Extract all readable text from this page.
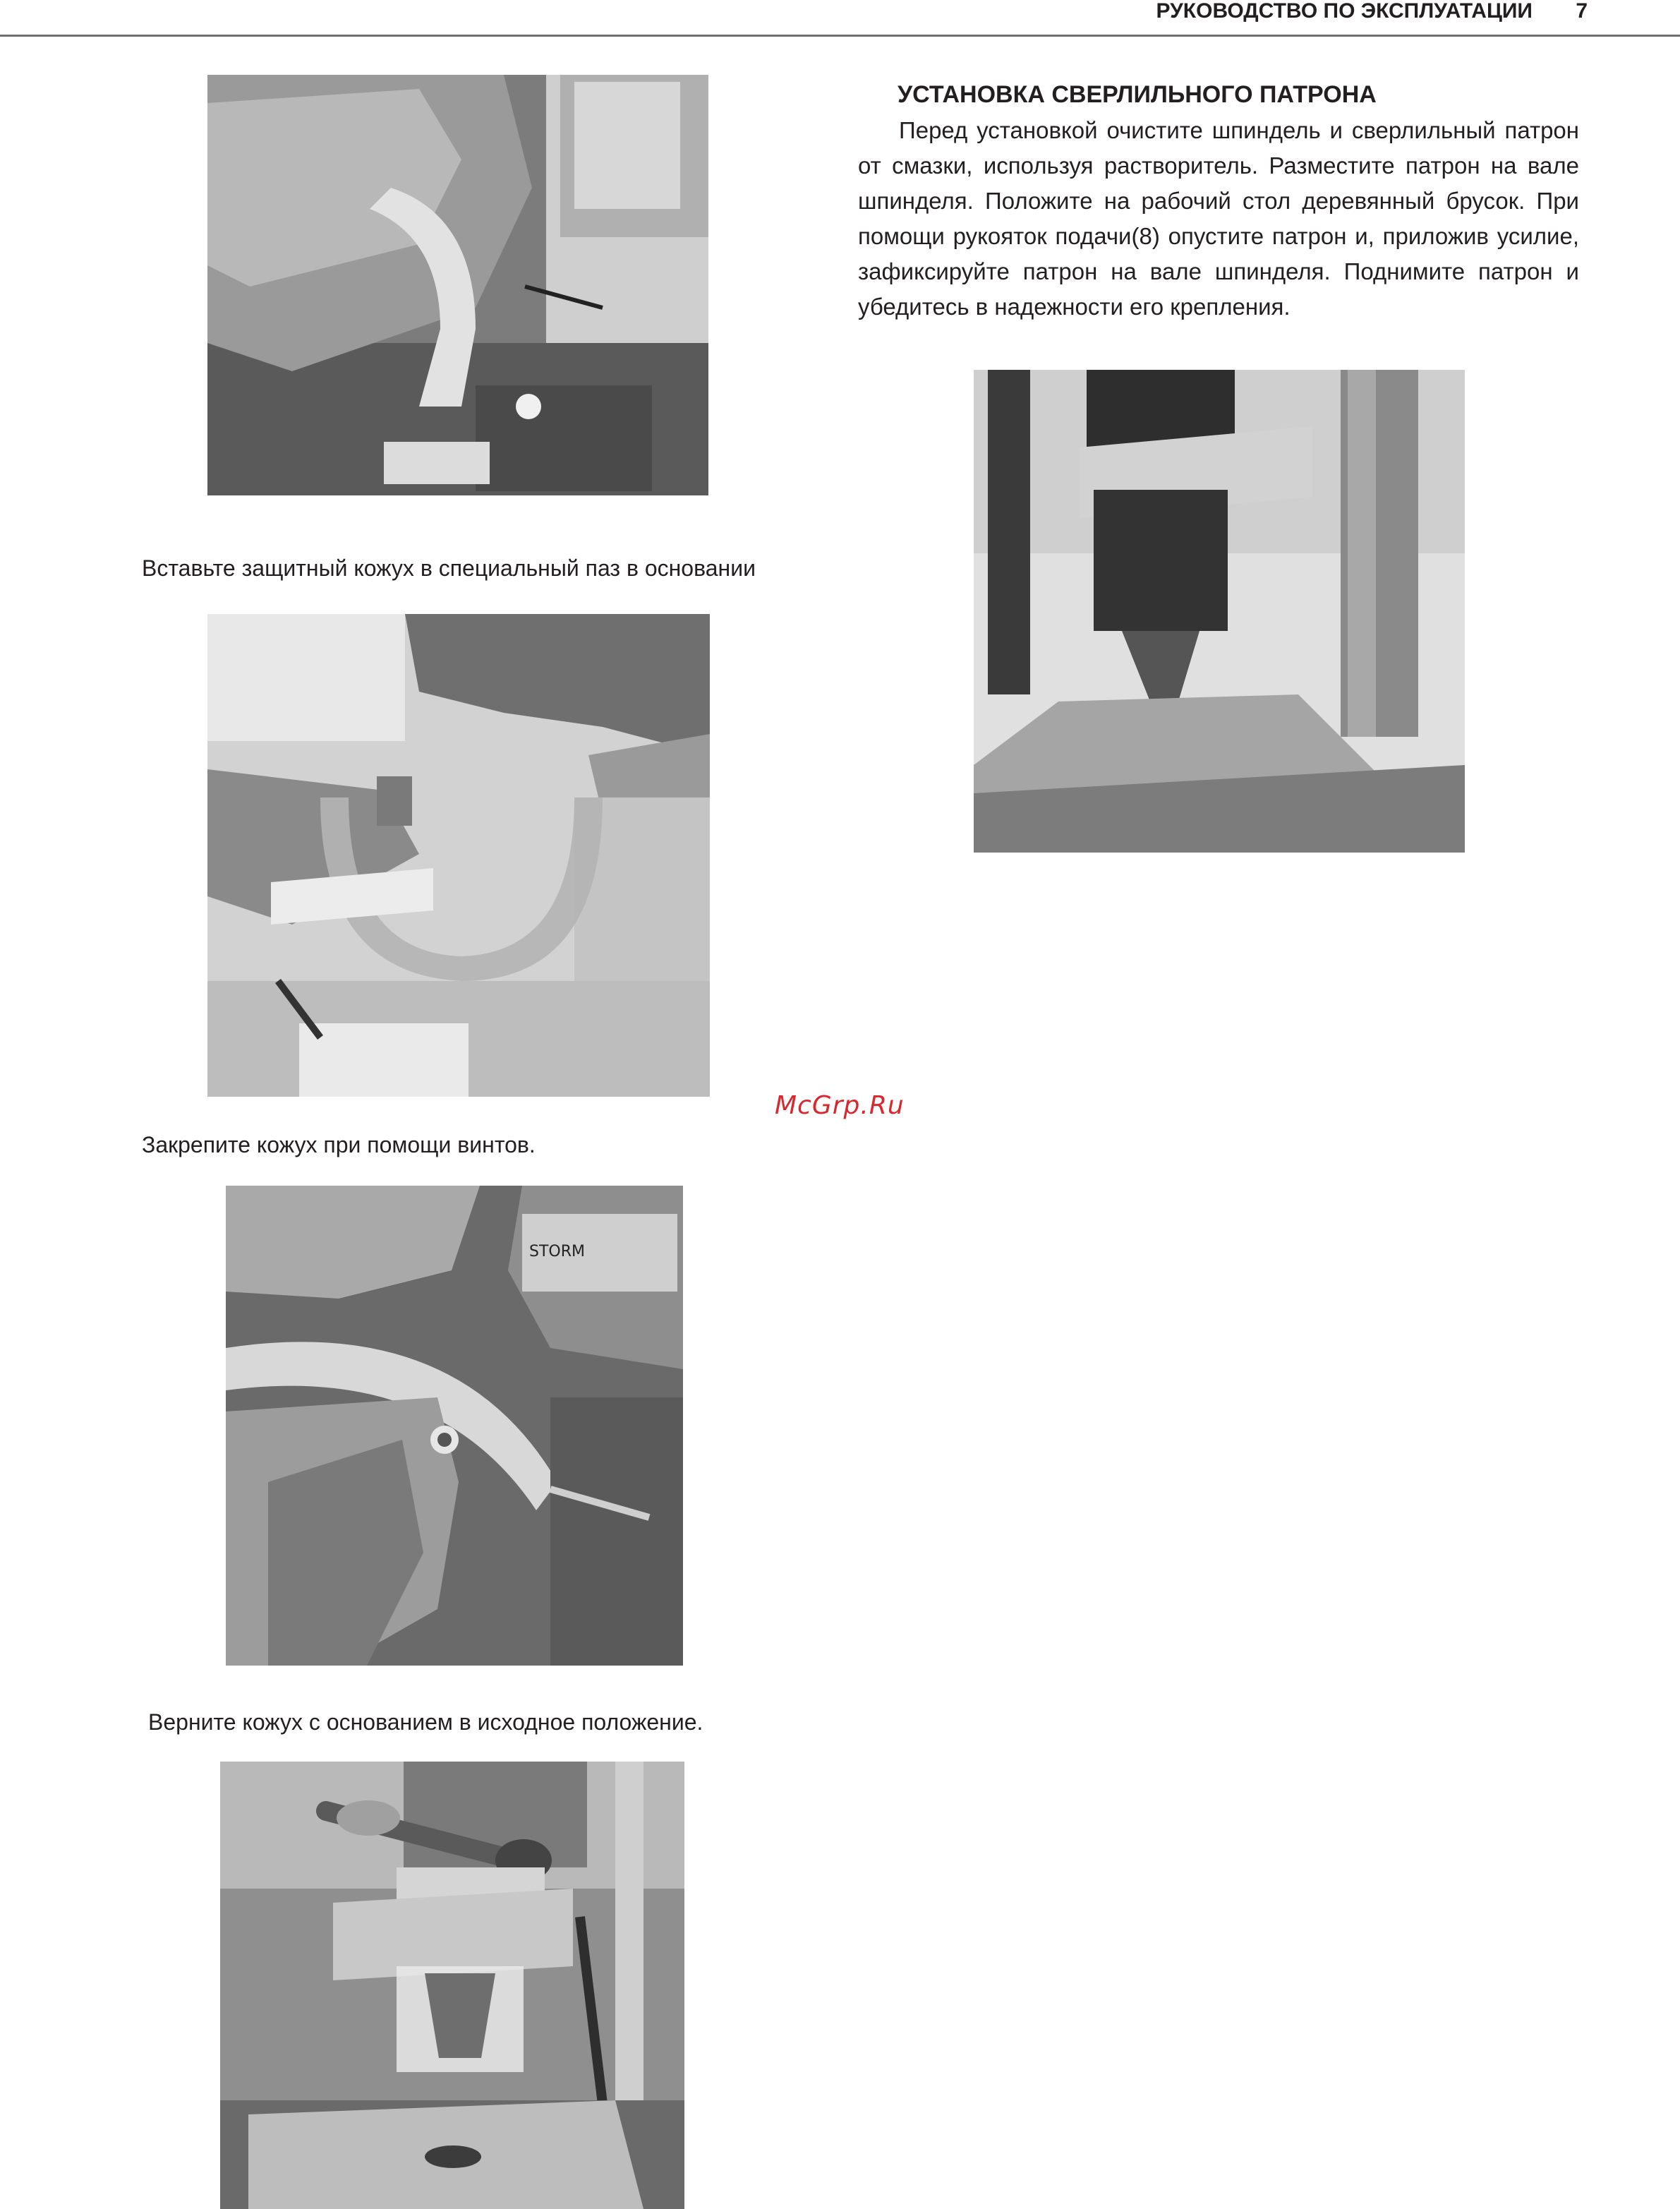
РУКОВОДСТВО ПО ЭКСПЛУАТАЦИИ	7
Вставьте защитный кожух в специальный паз в основании
McGrp.Ru
Закрепите кожух при помощи винтов.
STORM
Верните кожух с основанием в исходное положение.
УСТАНОВКА СВЕРЛИЛЬНОГО ПАТРОНА
Перед установкой очистите шпиндель и сверлильный патрон от смазки, используя растворитель. Разместите патрон на вале шпинделя. Положите на рабочий стол деревянный брусок. При помощи рукояток подачи(8) опустите патрон и, приложив усилие, зафиксируйте патрон на вале шпинделя. Поднимите патрон и убедитесь в надежности его крепления.
